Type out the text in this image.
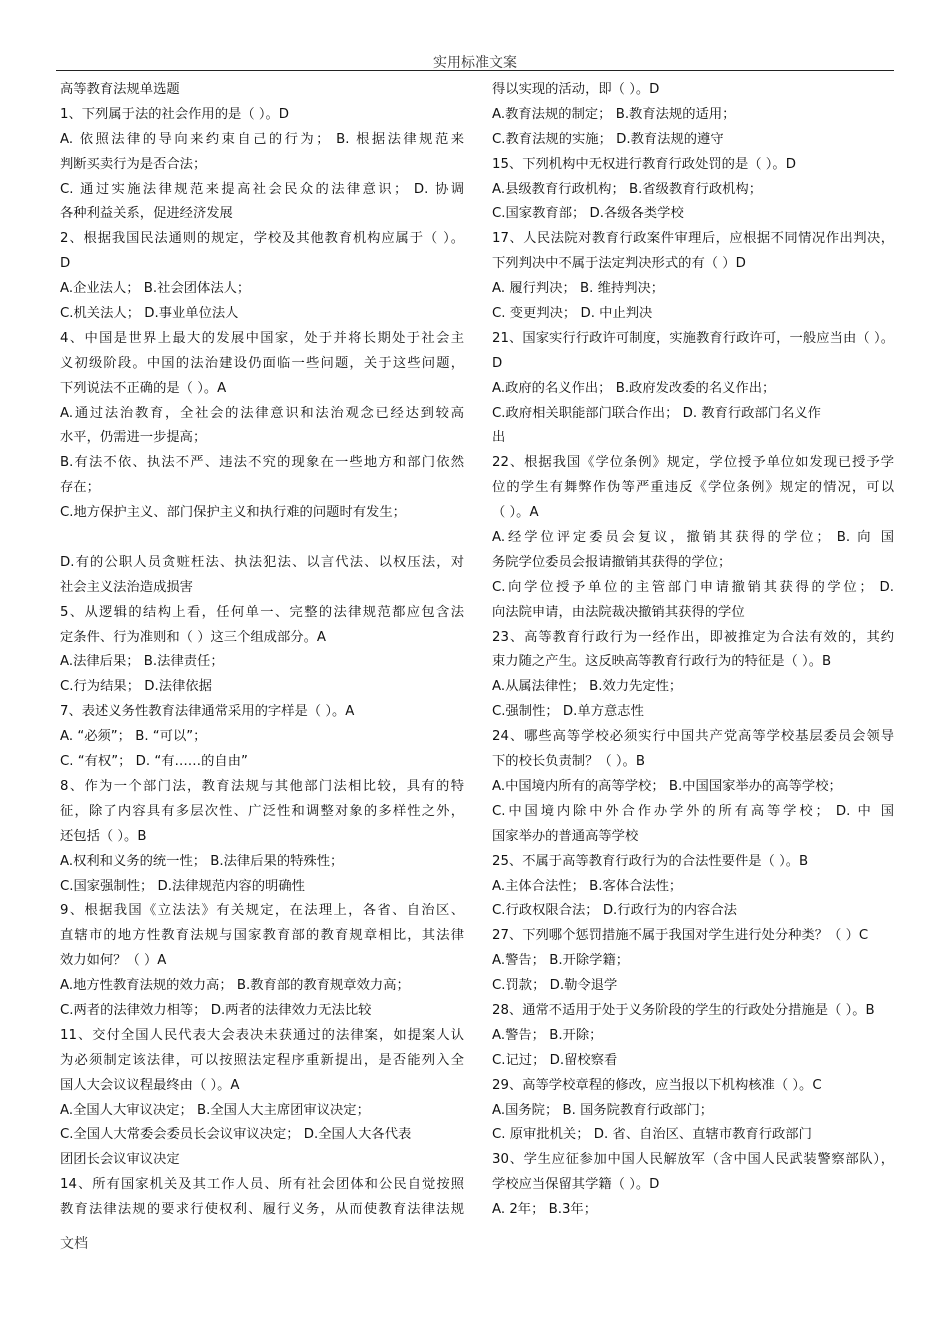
实用标准文案
高等教育法规单选题
1、下列属于法的社会作用的是（ ）。D
A. 依照法律的导向来约束自己的行为； B. 根据法律规范来
判断买卖行为是否合法；
C. 通过实施法律规范来提高社会民众的法律意识； D. 协调
各种利益关系，促进经济发展
2、根据我国民法通则的规定，学校及其他教育机构应属于（ ）。
D
A.企业法人； B.社会团体法人；
C.机关法人； D.事业单位法人
4、中国是世界上最大的发展中国家，处于并将长期处于社会主
义初级阶段。中国的法治建设仍面临一些问题，关于这些问题，
下列说法不正确的是（ ）。A
A.通过法治教育，全社会的法律意识和法治观念已经达到较高
水平，仍需进一步提高；
B.有法不依、执法不严、违法不究的现象在一些地方和部门依然
存在；
C.地方保护主义、部门保护主义和执行难的问题时有发生；
D.有的公职人员贪赃枉法、执法犯法、以言代法、以权压法，对
社会主义法治造成损害
5、从逻辑的结构上看，任何单一、完整的法律规范都应包含法
定条件、行为准则和（ ）这三个组成部分。A
A.法律后果； B.法律责任；
C.行为结果； D.法律依据
7、表述义务性教育法律通常采用的字样是（ ）。A
A. “必须”； B. “可以”；
C. “有权”； D. “有……的自由”
8、作为一个部门法，教育法规与其他部门法相比较，具有的特
征，除了内容具有多层次性、广泛性和调整对象的多样性之外，
还包括（ ）。B
A.权利和义务的统一性； B.法律后果的特殊性；
C.国家强制性； D.法律规范内容的明确性
9、根据我国《立法法》有关规定，在法理上，各省、自治区、
直辖市的地方性教育法规与国家教育部的教育规章相比，其法律
效力如何？（ ）A
A.地方性教育法规的效力高； B.教育部的教育规章效力高；
C.两者的法律效力相等； D.两者的法律效力无法比较
11、交付全国人民代表大会表决未获通过的法律案，如提案人认
为必须制定该法律，可以按照法定程序重新提出，是否能列入全
国人大会议议程最终由（ ）。A
A.全国人大审议决定； B.全国人大主席团审议决定；
C.全国人大常委会委员长会议审议决定； D.全国人大各代表
团团长会议审议决定
14、所有国家机关及其工作人员、所有社会团体和公民自觉按照
教育法律法规的要求行使权利、履行义务，从而使教育法律法规
得以实现的活动，即（ ）。D
A.教育法规的制定； B.教育法规的适用；
C.教育法规的实施； D.教育法规的遵守
15、下列机构中无权进行教育行政处罚的是（ ）。D
A.县级教育行政机构； B.省级教育行政机构；
C.国家教育部； D.各级各类学校
17、人民法院对教育行政案件审理后，应根据不同情况作出判决，
下列判决中不属于法定判决形式的有（ ）D
A. 履行判决； B. 维持判决；
C. 变更判决； D. 中止判决
21、国家实行行政许可制度，实施教育行政许可，一般应当由（ ）。
D
A.政府的名义作出； B.政府发改委的名义作出；
C.政府相关职能部门联合作出； D. 教育行政部门名义作
出
22、根据我国《学位条例》规定，学位授予单位如发现已授予学
位的学生有舞弊作伪等严重违反《学位条例》规定的情况，可以
（ ）。A
A.经学位评定委员会复议，撤销其获得的学位； B. 向 国
务院学位委员会报请撤销其获得的学位；
C.向学位授予单位的主管部门申请撤销其获得的学位； D.
向法院申请，由法院裁决撤销其获得的学位
23、高等教育行政行为一经作出，即被推定为合法有效的，其约
束力随之产生。这反映高等教育行政行为的特征是（ ）。B
A.从属法律性； B.效力先定性；
C.强制性； D.单方意志性
24、哪些高等学校必须实行中国共产党高等学校基层委员会领导
下的校长负责制？（ ）。B
A.中国境内所有的高等学校； B.中国国家举办的高等学校；
C.中国境内除中外合作办学外的所有高等学校； D. 中 国
国家举办的普通高等学校
25、不属于高等教育行政行为的合法性要件是（ ）。B
A.主体合法性； B.客体合法性；
C.行政权限合法； D.行政行为的内容合法
27、下列哪个惩罚措施不属于我国对学生进行处分种类？（ ）C
A.警告； B.开除学籍；
C.罚款； D.勒令退学
28、通常不适用于处于义务阶段的学生的行政处分措施是（ ）。B
A.警告； B.开除；
C.记过； D.留校察看
29、高等学校章程的修改，应当报以下机构核准（ ）。C
A.国务院； B. 国务院教育行政部门；
C. 原审批机关； D. 省、自治区、直辖市教育行政部门
30、学生应征参加中国人民解放军（含中国人民武装警察部队），
学校应当保留其学籍（ ）。D
A. 2年； B.3年；
文档
